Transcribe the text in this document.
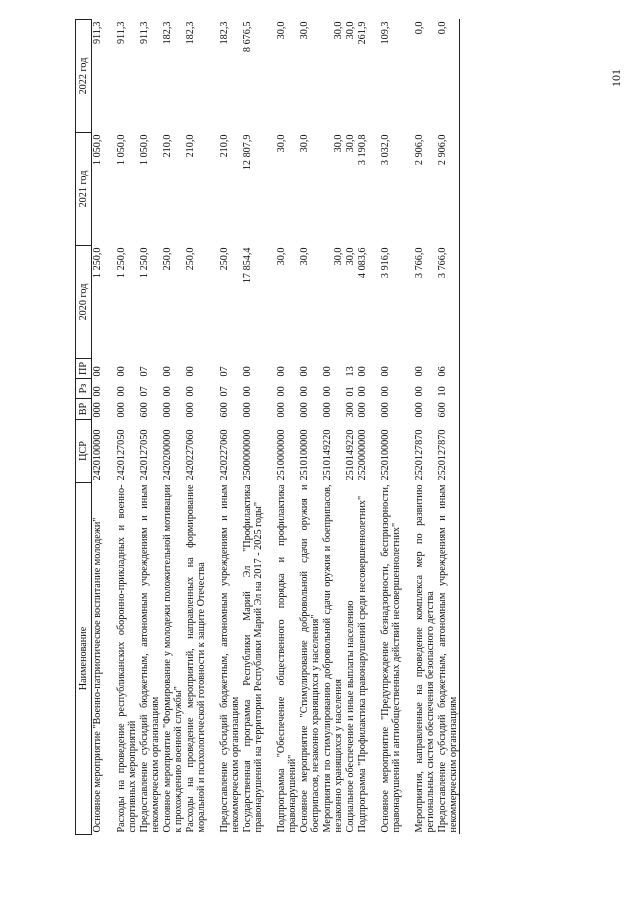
101
Наименование	ЦСР	ВР	Рз	ПР	2020 год	2021 год	2022 год
Основное мероприятие "Военно-патриотическое воспитание молодежи"	2420100000	000	00	00	1 250,0	1 050,0	911,3

Расходы на проведение республиканских оборонно-прикладных и военно-спортивных мероприятий	2420127050	000	00	00	1 250,0	1 050,0	911,3

Предоставление субсидий бюджетным, автономным учреждениям и иным некоммерческим организациям	2420127050	600	07	07	1 250,0	1 050,0	911,3

Основное мероприятие "Формирование у молодежи положительной мотивации к прохождению военной службы"	2420200000	000	00	00	250,0	210,0	182,3

Расходы на проведение мероприятий, направленных на формирование моральной и психологической готовности к защите Отечества	2420227060	000	00	00	250,0	210,0	182,3

Предоставление субсидий бюджетным, автономным учреждениям и иным некоммерческим организациям	2420227060	600	07	07	250,0	210,0	182,3

Государственная программа Республики Марий Эл "Профилактика правонарушений на территории Республики Марий Эл на 2017 - 2025 годы"	2500000000	000	00	00	17 854,4	12 807,9	8 676,5

Подпрограмма "Обеспечение общественного порядка и профилактика правонарушений"	2510000000	000	00	00	30,0	30,0	30,0

Основное мероприятие "Стимулирование добровольной сдачи оружия и боеприпасов, незаконно хранящихся у населения"	2510100000	000	00	00	30,0	30,0	30,0

Мероприятия по стимулированию добровольной сдачи оружия и боеприпасов, незаконно хранящихся у населения	2510149220	000	00	00	30,0	30,0	30,0

Социальное обеспечение и иные выплаты населению	2510149220	300	01	13	30,0	30,0	30,0

Подпрограмма "Профилактика правонарушений среди несовершеннолетних"	2520000000	000	00	00	4 083,6	3 190,8	261,9

Основное мероприятие "Предупреждение безнадзорности, беспризорности, правонарушений и антиобщественных действий несовершеннолетних"	2520100000	000	00	00	3 916,0	3 032,0	109,3

Мероприятия, направленные на проведение комплекса мер по развитию региональных систем обеспечения безопасного детства	2520127870	000	00	00	3 766,0	2 906,0	0,0

Предоставление субсидий бюджетным, автономным учреждениям и иным некоммерческим организациям	2520127870	600	10	06	3 766,0	2 906,0	0,0
